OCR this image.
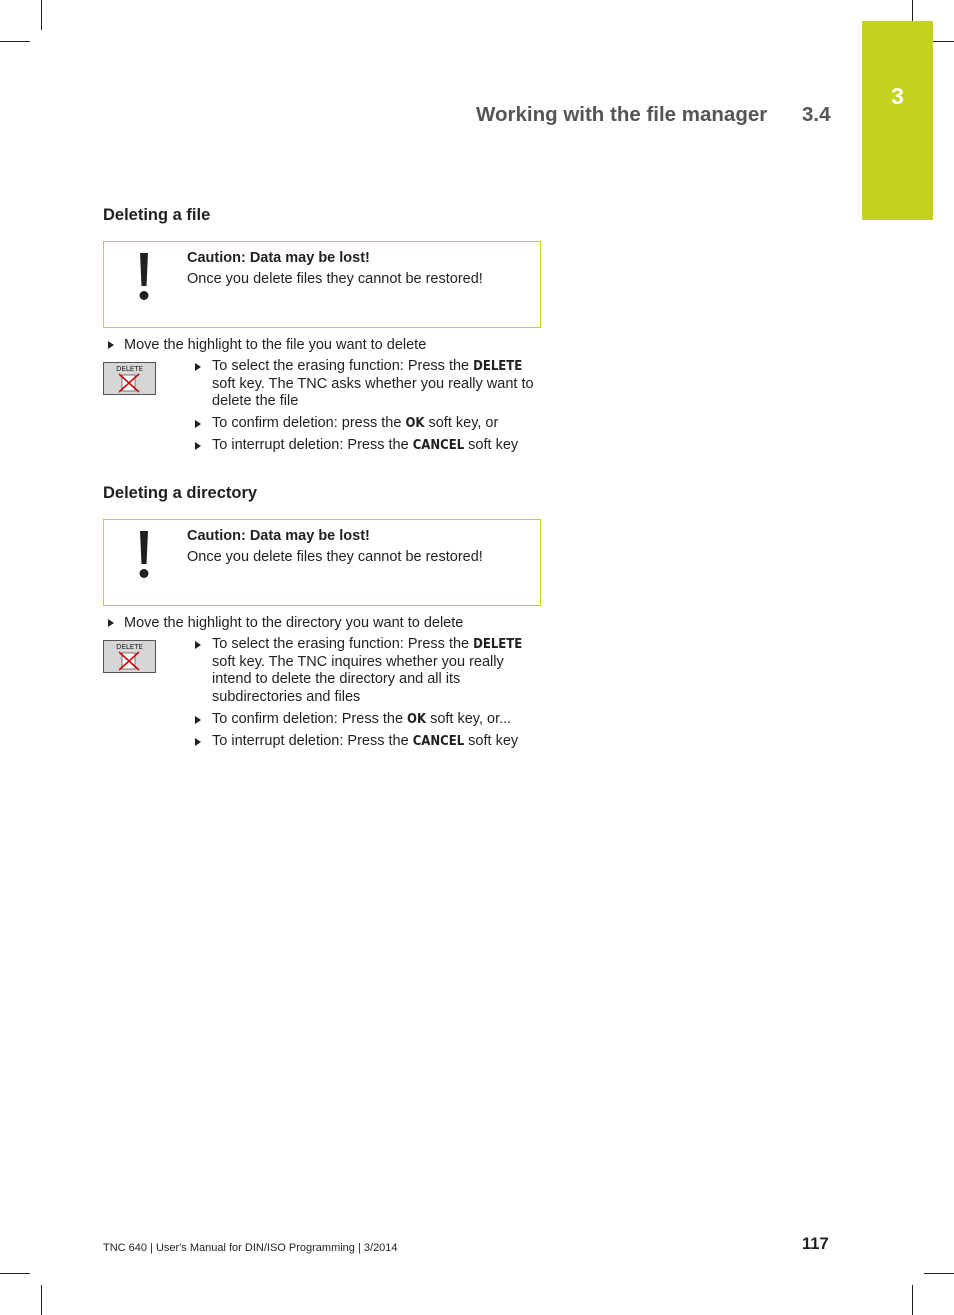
3
Working with the file manager 3.4
Deleting a file
Caution: Data may be lost!
Once you delete files they cannot be restored!
Move the highlight to the file you want to delete
DELETE	To select the erasing function: Press the DELETE soft key. The TNC asks whether you really want to delete the file
To confirm deletion: press the OK soft key, or
To interrupt deletion: Press the CANCEL soft key
Deleting a directory
Caution: Data may be lost!
Once you delete files they cannot be restored!
Move the highlight to the directory you want to delete
DELETE	To select the erasing function: Press the DELETE soft key. The TNC inquires whether you really intend to delete the directory and all its subdirectories and files
To confirm deletion: Press the OK soft key, or...
To interrupt deletion: Press the CANCEL soft key
TNC 640 | User's Manual for DIN/ISO Programming | 3/2014	117
